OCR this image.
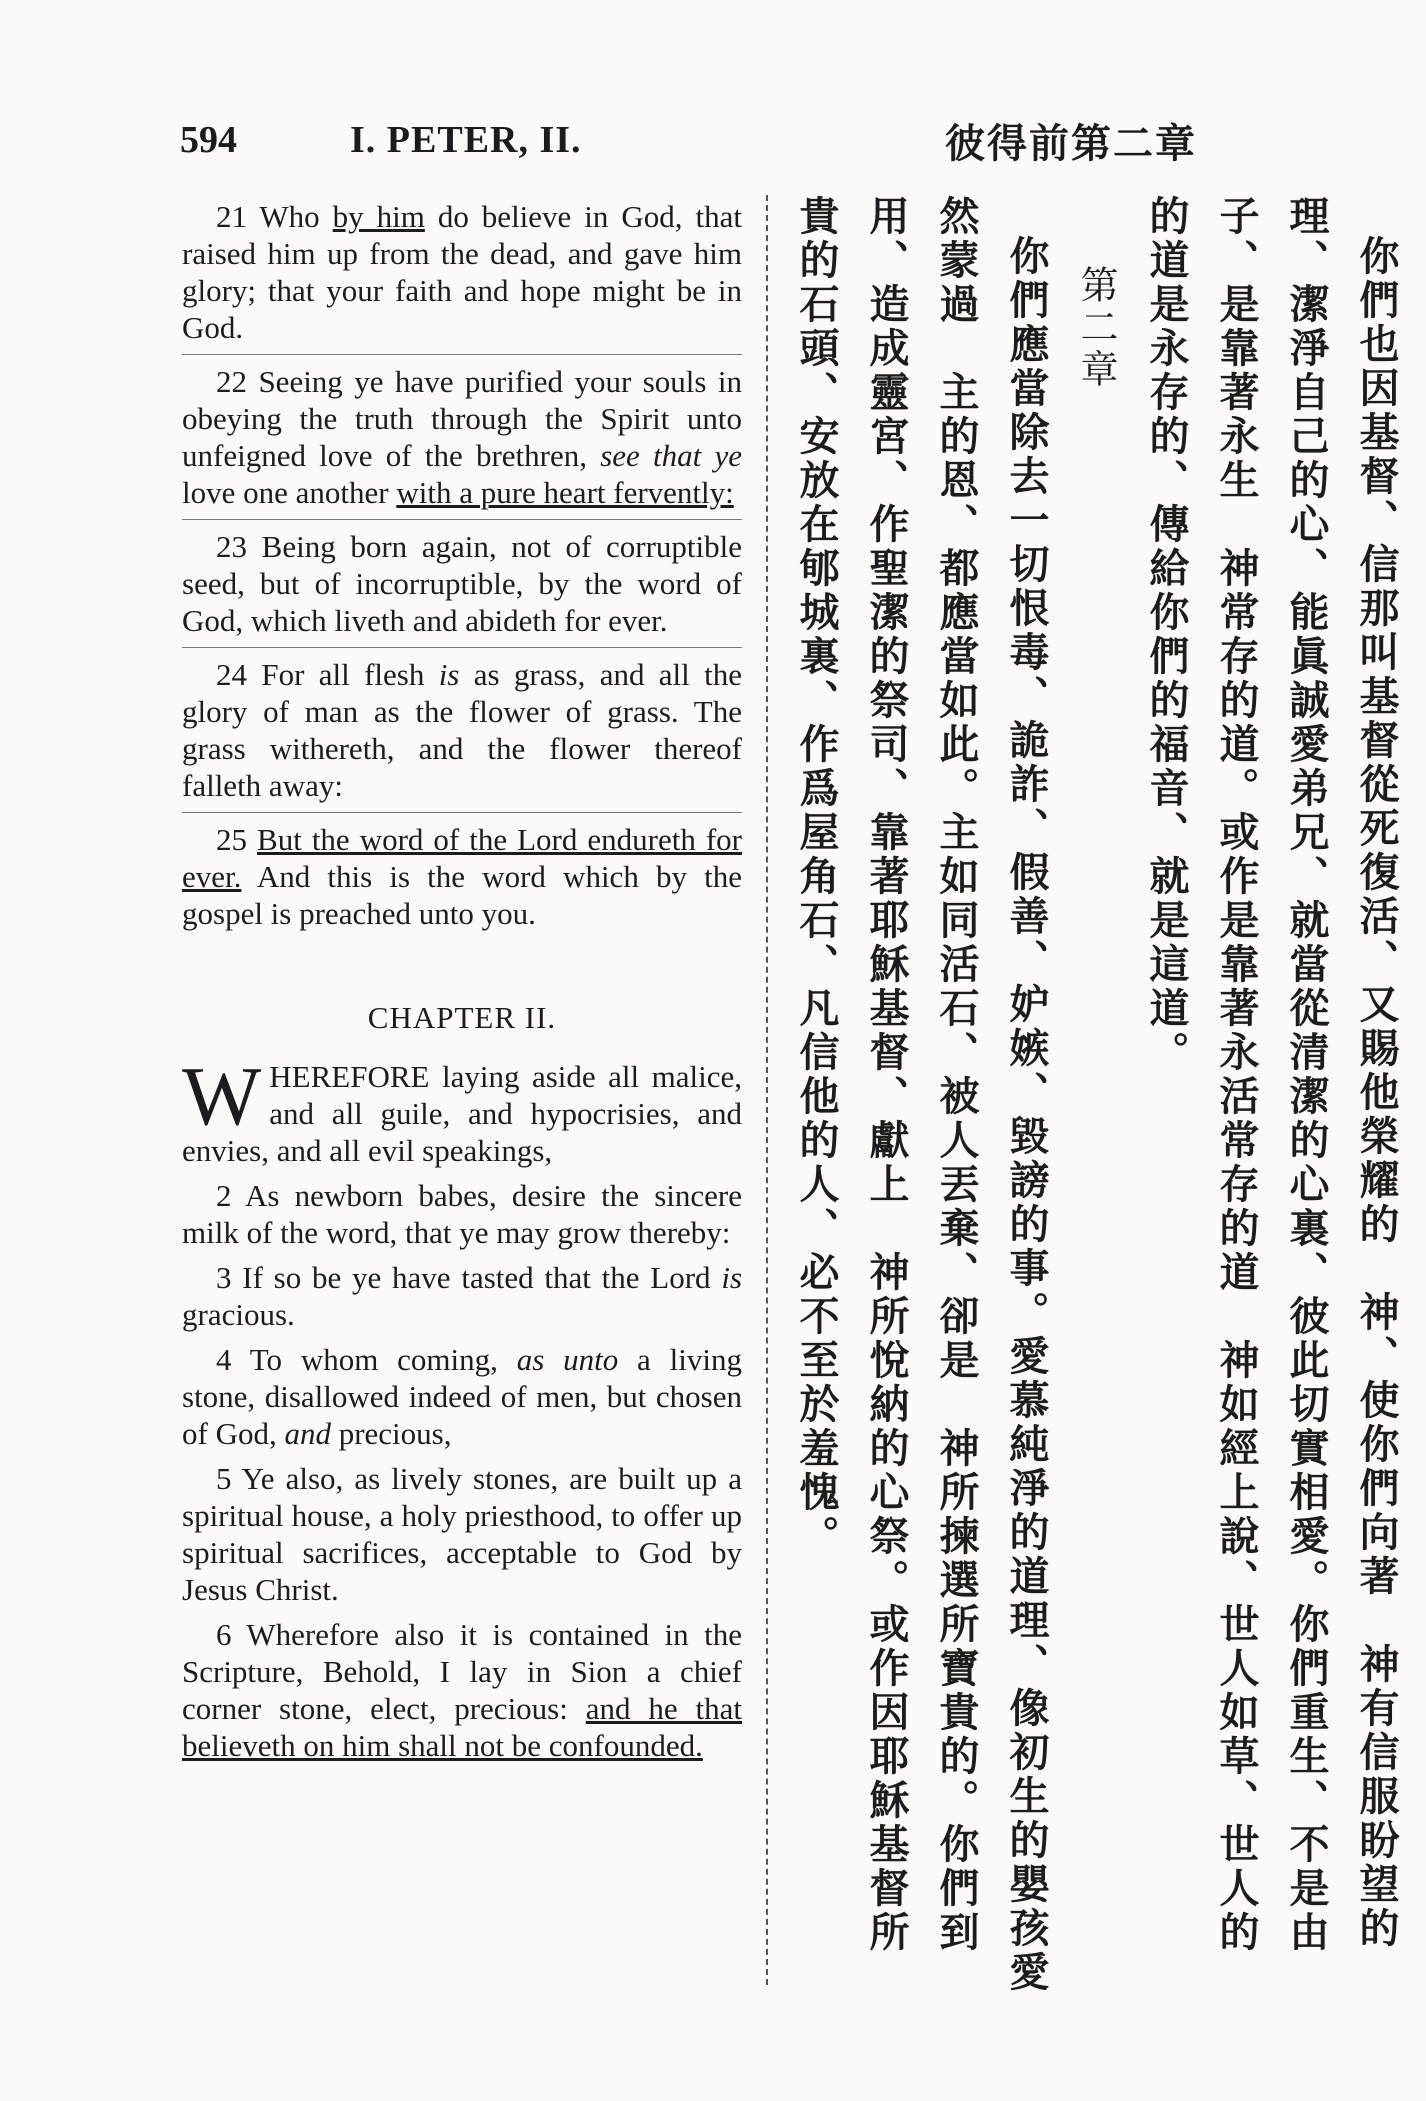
594	I. PETER, II.	彼得前第二章
21 Who by him do believe in God, that raised him up from the dead, and gave him glory; that your faith and hope might be in God.
22 Seeing ye have purified your souls in obeying the truth through the Spirit unto unfeigned love of the brethren, see that ye love one another with a pure heart fervently:
23 Being born again, not of corruptible seed, but of incorruptible, by the word of God, which liveth and abideth for ever.
24 For all flesh is as grass, and all the glory of man as the flower of grass. The grass withereth, and the flower thereof falleth away:
25 But the word of the Lord endureth for ever. And this is the word which by the gospel is preached unto you.
CHAPTER II.
WHEREFORE laying aside all malice, and all guile, and hypocrisies, and envies, and all evil speakings,
2 As newborn babes, desire the sincere milk of the word, that ye may grow thereby:
3 If so be ye have tasted that the Lord is gracious.
4 To whom coming, as unto a living stone, disallowed indeed of men, but chosen of God, and precious,
5 Ye also, as lively stones, are built up a spiritual house, a holy priesthood, to offer up spiritual sacrifices, acceptable to God by Jesus Christ.
6 Wherefore also it is contained in the Scripture, Behold, I lay in Sion a chief corner stone, elect, precious: and he that believeth on him shall not be confounded.
你們也因基督、信那叫基督從死復活、又賜他榮耀的　神、使你們向著　神有信服盼望的　
理、潔淨自己的心、能眞誠愛弟兄、就當從清潔的心裏、彼此切實相愛。你們重生、不是由
子、是靠著永生　神常存的道。或作是靠著永活常存的道　神如經上說、世人如草、世人的　
的道是永存的、傳給你們的福音、就是這道。
第二章
你們應當除去一切恨毒、詭詐、假善、妒嫉、毀謗的事。愛慕純淨的道理、像初生的嬰孩愛
然蒙過　主的恩、都應當如此。主如同活石、被人丟棄、卻是　神所揀選所寶貴的。你們到　
用、造成靈宮、作聖潔的祭司、靠著耶穌基督、獻上　神所悅納的心祭。或作因耶穌基督所　
貴的石頭、安放在郇城裏、作爲屋角石、凡信他的人、必不至於羞愧。
